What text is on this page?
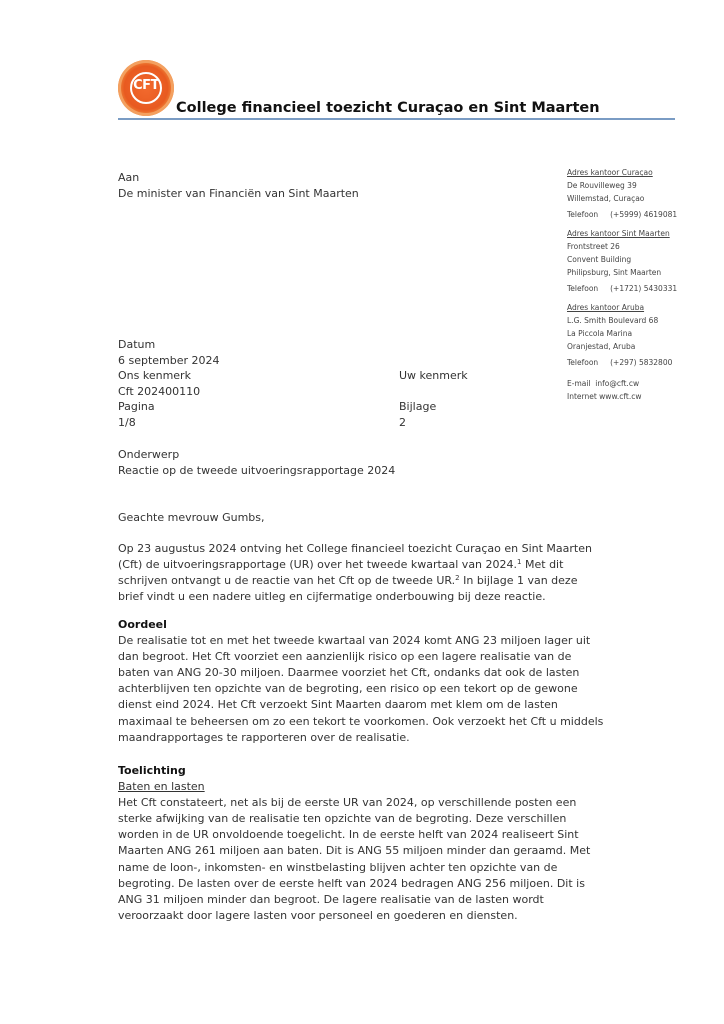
CFT
College financieel toezicht Curaçao en Sint Maarten
Aan
De minister van Financiën van Sint Maarten
Adres kantoor Curaçao
De Rouvilleweg 39
Willemstad, Curaçao
Telefoon (+5999) 4619081
Adres kantoor Sint Maarten
Frontstreet 26
Convent Building
Philipsburg, Sint Maarten
Telefoon (+1721) 5430331
Adres kantoor Aruba
L.G. Smith Boulevard 68
La Piccola Marina
Oranjestad, Aruba
Telefoon (+297) 5832800
E-mail info@cft.cw
Internet www.cft.cw
Datum
6 september 2024
Ons kenmerk
Cft 202400110
Pagina
1/8
Uw kenmerk
Bijlage
2
Onderwerp
Reactie op de tweede uitvoeringsrapportage 2024
Geachte mevrouw Gumbs,
Op 23 augustus 2024 ontving het College financieel toezicht Curaçao en Sint Maarten
(Cft) de uitvoeringsrapportage (UR) over het tweede kwartaal van 2024.$^1$ Met dit
schrijven ontvangt u de reactie van het Cft op de tweede UR.$^2$ In bijlage 1 van deze
brief vindt u een nadere uitleg en cijfermatige onderbouwing bij deze reactie.
Oordeel
De realisatie tot en met het tweede kwartaal van 2024 komt ANG 23 miljoen lager uit
dan begroot. Het Cft voorziet een aanzienlijk risico op een lagere realisatie van de
baten van ANG 20-30 miljoen. Daarmee voorziet het Cft, ondanks dat ook de lasten
achterblijven ten opzichte van de begroting, een risico op een tekort op de gewone
dienst eind 2024. Het Cft verzoekt Sint Maarten daarom met klem om de lasten
maximaal te beheersen om zo een tekort te voorkomen. Ook verzoekt het Cft u middels
maandrapportages te rapporteren over de realisatie.
Toelichting
Baten en lasten
Het Cft constateert, net als bij de eerste UR van 2024, op verschillende posten een
sterke afwijking van de realisatie ten opzichte van de begroting. Deze verschillen
worden in de UR onvoldoende toegelicht. In de eerste helft van 2024 realiseert Sint
Maarten ANG 261 miljoen aan baten. Dit is ANG 55 miljoen minder dan geraamd. Met
name de loon-, inkomsten- en winstbelasting blijven achter ten opzichte van de
begroting. De lasten over de eerste helft van 2024 bedragen ANG 256 miljoen. Dit is
ANG 31 miljoen minder dan begroot. De lagere realisatie van de lasten wordt
veroorzaakt door lagere lasten voor personeel en goederen en diensten.
